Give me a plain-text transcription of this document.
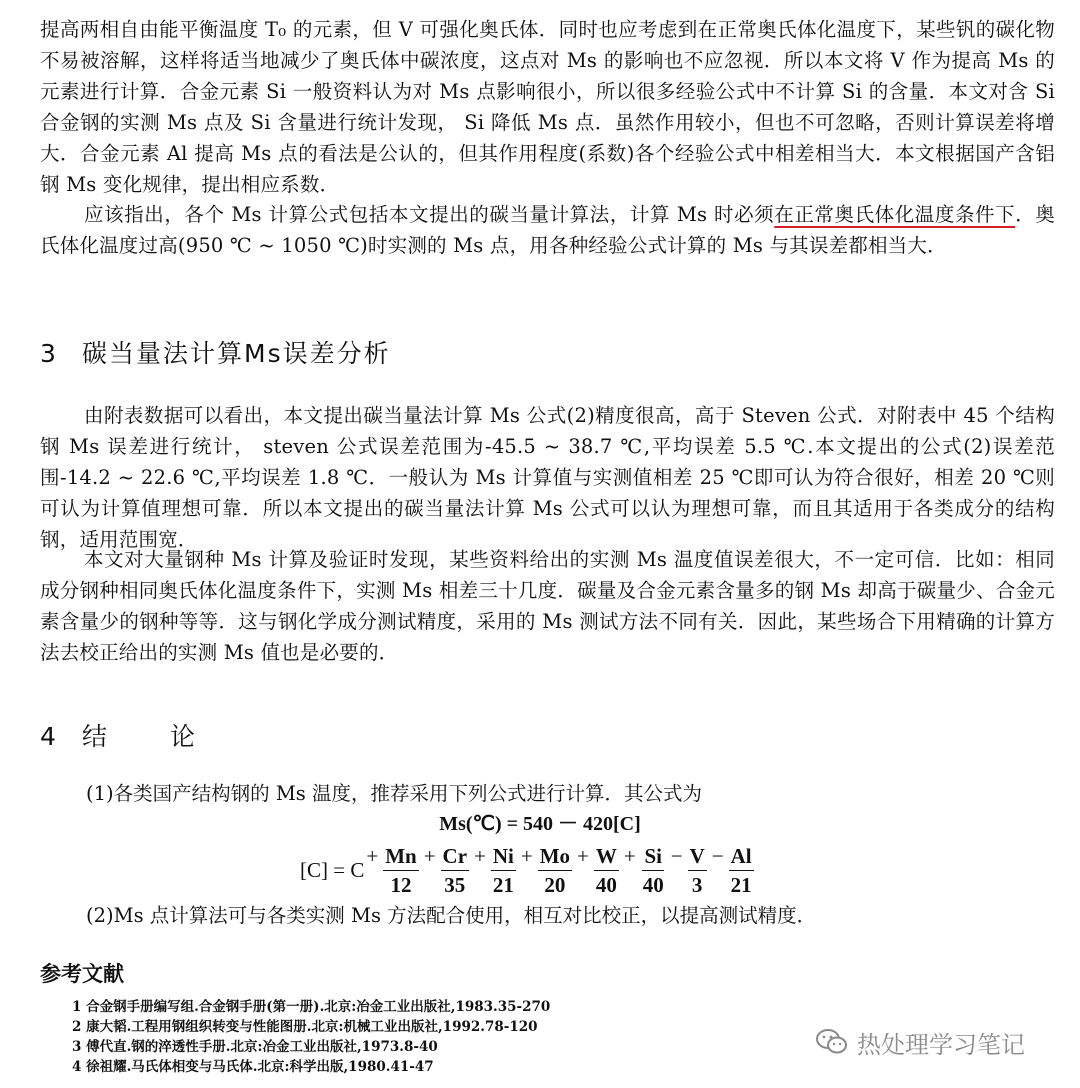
提高两相自由能平衡温度 T₀ 的元素，但 V 可强化奥氏体．同时也应考虑到在正常奥氏体化温度下，某些钒的碳化物不易被溶解，这样将适当地减少了奥氏体中碳浓度，这点对 Ms 的影响也不应忽视．所以本文将 V 作为提高 Ms 的元素进行计算．合金元素 Si 一般资料认为对 Ms 点影响很小，所以很多经验公式中不计算 Si 的含量．本文对含 Si 合金钢的实测 Ms 点及 Si 含量进行统计发现， Si 降低 Ms 点．虽然作用较小，但也不可忽略，否则计算误差将增大．合金元素 Al 提高 Ms 点的看法是公认的，但其作用程度(系数)各个经验公式中相差相当大．本文根据国产含铝钢 Ms 变化规律，提出相应系数．

应该指出，各个 Ms 计算公式包括本文提出的碳当量计算法，计算 Ms 时必须在正常奥氏体化温度条件下．奥氏体化温度过高(950 ℃ ~ 1050 ℃)时实测的 Ms 点，用各种经验公式计算的 Ms 与其误差都相当大．

3 碳当量法计算Ms误差分析

由附表数据可以看出，本文提出碳当量法计算 Ms 公式(2)精度很高，高于 Steven 公式．对附表中 45 个结构钢 Ms 误差进行统计， steven 公式误差范围为-45.5 ~ 38.7 ℃,平均误差 5.5 ℃.本文提出的公式(2)误差范围-14.2 ~ 22.6 ℃,平均误差 1.8 ℃．一般认为 Ms 计算值与实测值相差 25 ℃即可认为符合很好，相差 20 ℃则可认为计算值理想可靠．所以本文提出的碳当量法计算 Ms 公式可以认为理想可靠，而且其适用于各类成分的结构钢，适用范围宽．

本文对大量钢种 Ms 计算及验证时发现，某些资料给出的实测 Ms 温度值误差很大，不一定可信．比如：相同成分钢种相同奥氏体化温度条件下，实测 Ms 相差三十几度．碳量及合金元素含量多的钢 Ms 却高于碳量少、合金元素含量少的钢种等等．这与钢化学成分测试精度，采用的 Ms 测试方法不同有关．因此，某些场合下用精确的计算方法去校正给出的实测 Ms 值也是必要的．

4 结 论
(1)各类国产结构钢的 Ms 温度，推荐采用下列公式进行计算．其公式为
Ms(℃) = 540 － 420[C]
[C] = C
+ $\frac{Mn}{12} + \frac{Cr}{35} + \frac{Ni}{21} + \frac{Mo}{20} + \frac{W}{40} + \frac{Si}{40} - \frac{V}{3} - \frac{Al}{21}$
(2)Ms 点计算法可与各类实测 Ms 方法配合使用，相互对比校正，以提高测试精度．
参考文献
1 合金钢手册编写组.合金钢手册(第一册).北京:冶金工业出版社,1983.35-270
2 康大韬.工程用钢组织转变与性能图册.北京:机械工业出版社,1992.78-120
3 傅代直.钢的淬透性手册.北京:冶金工业出版社,1973.8-40
4 徐祖耀.马氏体相变与马氏体.北京:科学出版,1980.41-47
热处理学习笔记
